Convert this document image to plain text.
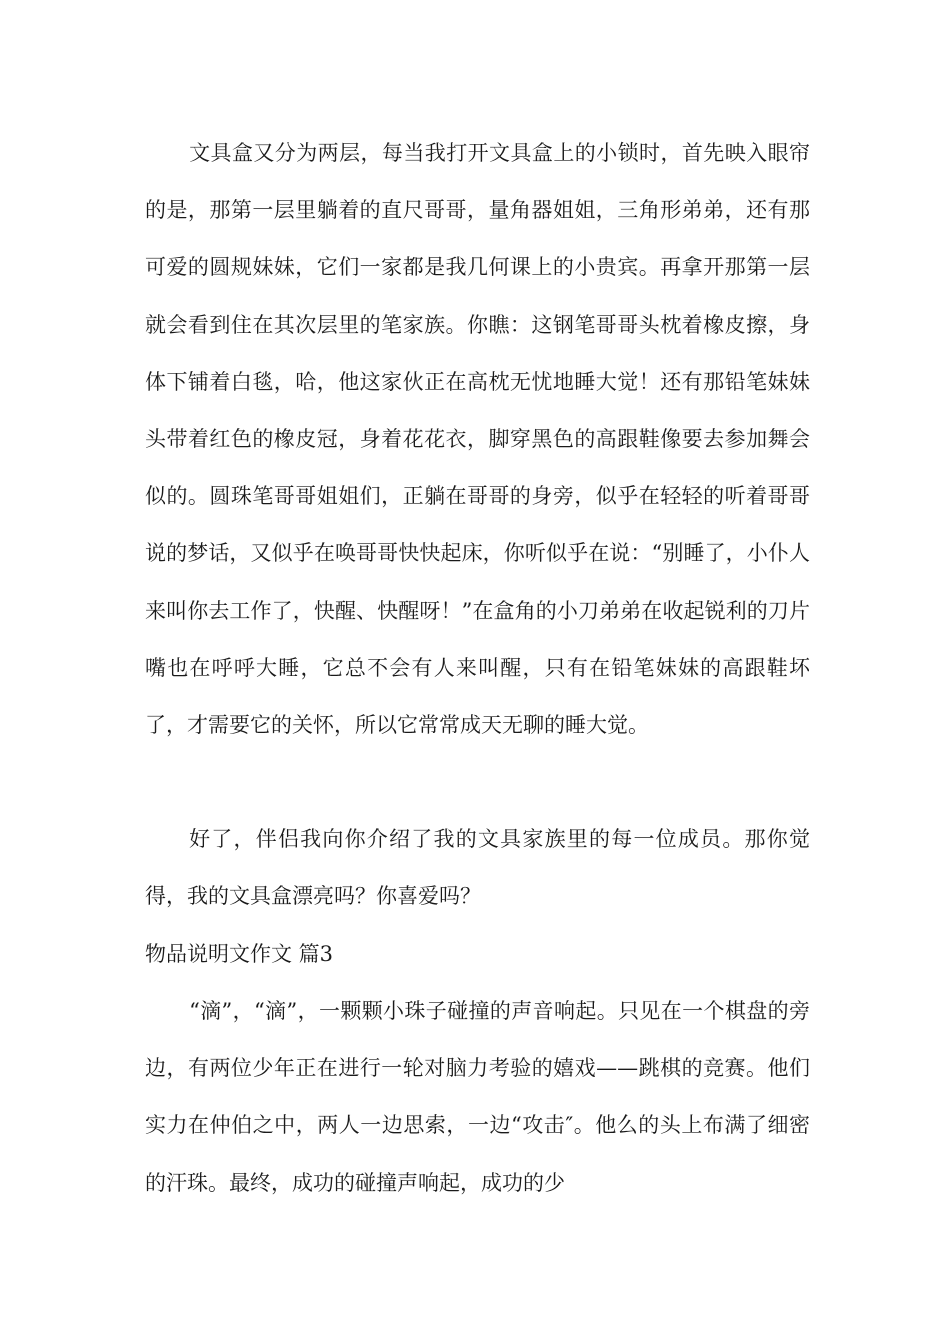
文具盒又分为两层，每当我打开文具盒上的小锁时，首先映入眼帘的是，那第一层里躺着的直尺哥哥，量角器姐姐，三角形弟弟，还有那可爱的圆规妹妹，它们一家都是我几何课上的小贵宾。再拿开那第一层就会看到住在其次层里的笔家族。你瞧：这钢笔哥哥头枕着橡皮擦，身体下铺着白毯，哈，他这家伙正在高枕无忧地睡大觉！还有那铅笔妹妹头带着红色的橡皮冠，身着花花衣，脚穿黑色的高跟鞋像要去参加舞会似的。圆珠笔哥哥姐姐们，正躺在哥哥的身旁，似乎在轻轻的听着哥哥说的梦话，又似乎在唤哥哥快快起床，你听似乎在说：“别睡了，小仆人来叫你去工作了，快醒、快醒呀！”在盒角的小刀弟弟在收起锐利的刀片嘴也在呼呼大睡，它总不会有人来叫醒，只有在铅笔妹妹的高跟鞋坏了，才需要它的关怀，所以它常常成天无聊的睡大觉。

好了，伴侣我向你介绍了我的文具家族里的每一位成员。那你觉得，我的文具盒漂亮吗？你喜爱吗？

物品说明文作文 篇3

“滴”，“滴”，一颗颗小珠子碰撞的声音响起。只见在一个棋盘的旁边，有两位少年正在进行一轮对脑力考验的嬉戏——跳棋的竞赛。他们实力在仲伯之中，两人一边思索，一边“攻击″。他么的头上布满了细密的汗珠。最终，成功的碰撞声响起，成功的少
